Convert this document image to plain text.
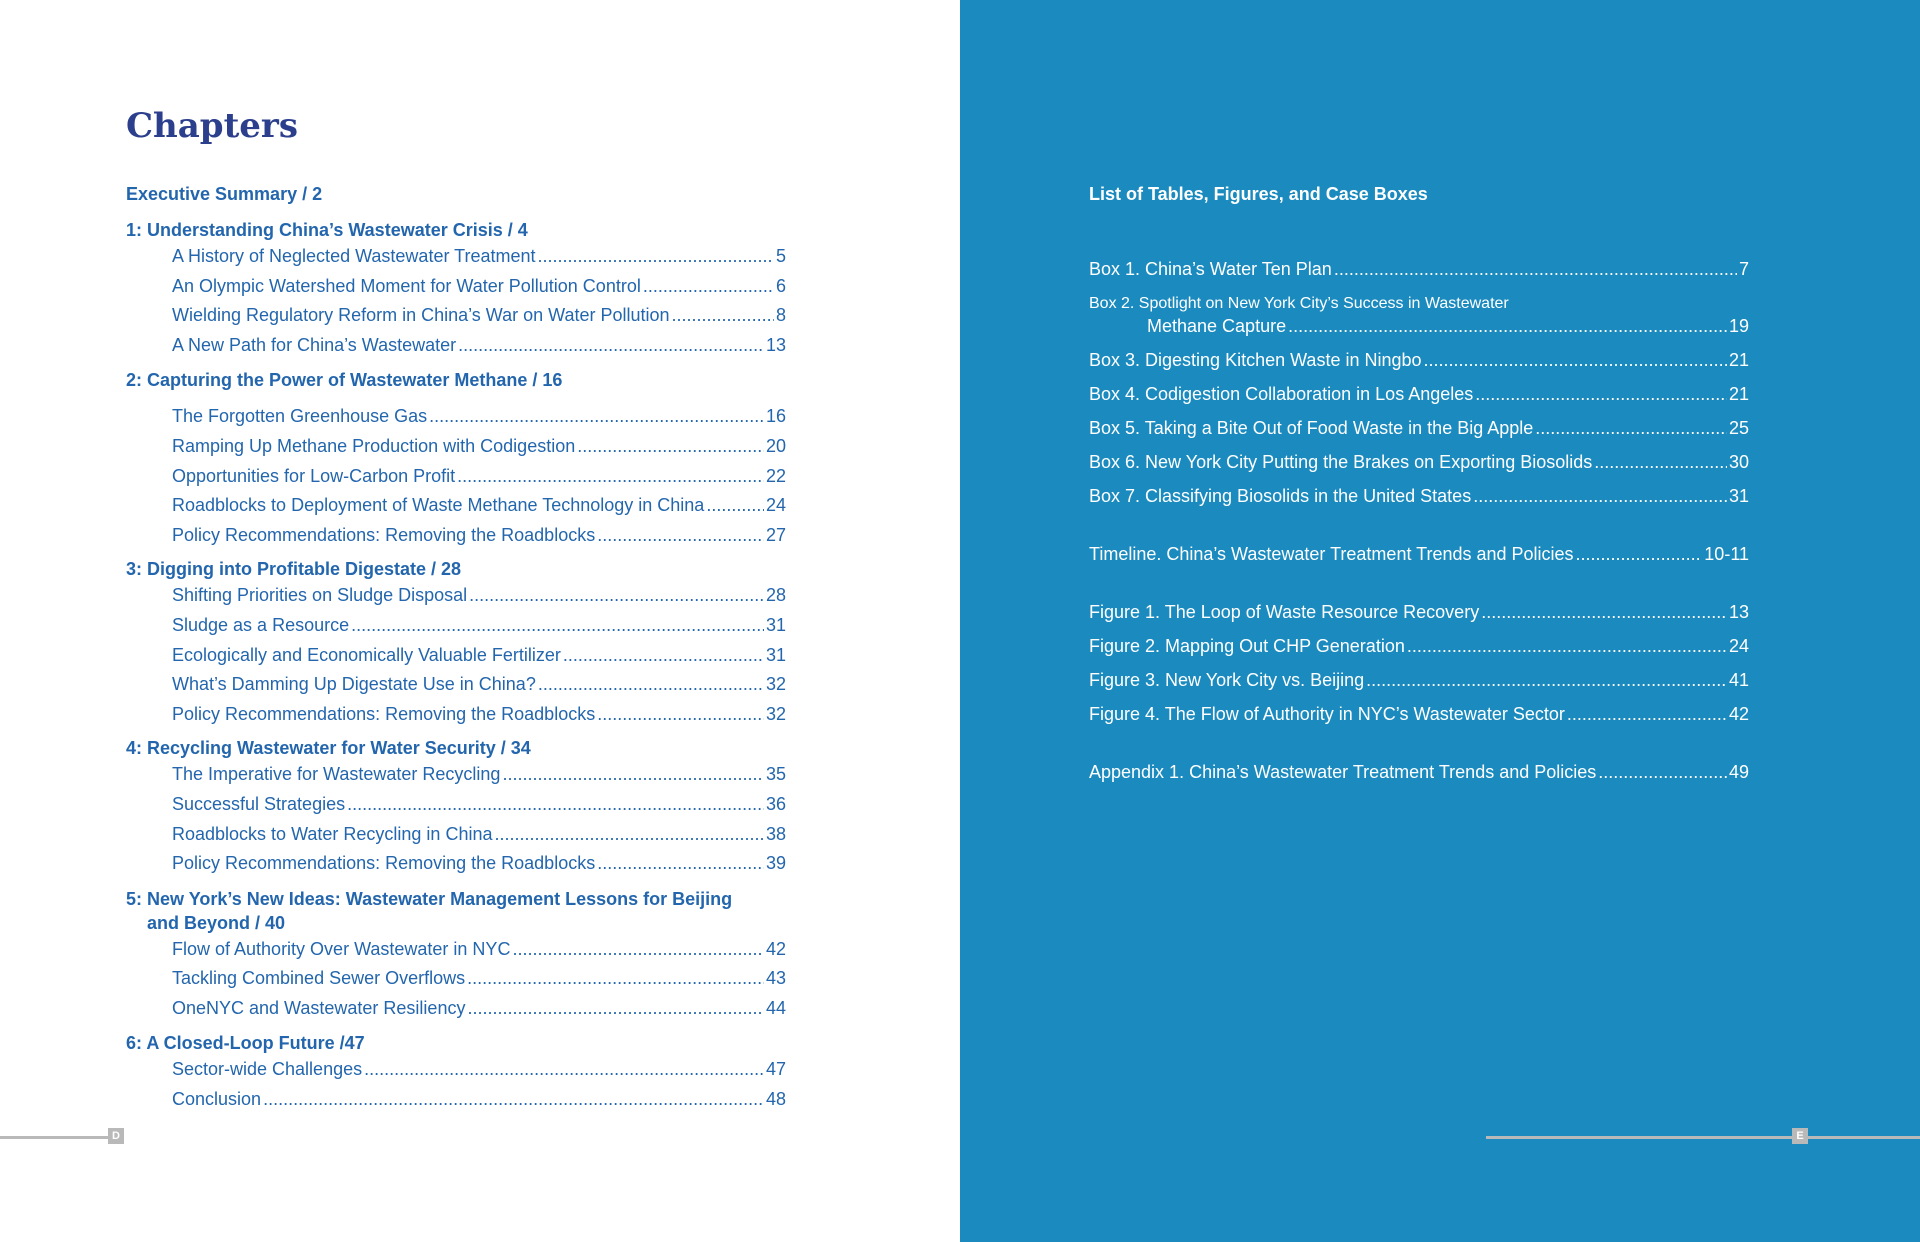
Chapters
Executive Summary / 2
1: Understanding China’s Wastewater Crisis / 4
A History of Neglected Wastewater Treatment .....	5
An Olympic Watershed Moment for Water Pollution Control .....	6
Wielding Regulatory Reform in China’s War on Water Pollution .....	8
A New Path for China’s Wastewater .....	13
2: Capturing the Power of Wastewater Methane / 16
The Forgotten Greenhouse Gas .....	16
Ramping Up Methane Production with Codigestion .....	20
Opportunities for Low-Carbon Profit .....	22
Roadblocks to Deployment of Waste Methane Technology in China .....	24
Policy Recommendations: Removing the Roadblocks .....	27
3: Digging into Profitable Digestate / 28
Shifting Priorities on Sludge Disposal .....	28
Sludge as a Resource .....	31
Ecologically and Economically Valuable Fertilizer .....	31
What’s Damming Up Digestate Use in China? .....	32
Policy Recommendations: Removing the Roadblocks .....	32
4: Recycling Wastewater for Water Security / 34
The Imperative for Wastewater Recycling .....	35
Successful Strategies .....	36
Roadblocks to Water Recycling in China .....	38
Policy Recommendations: Removing the Roadblocks .....	39
5: New York’s New Ideas: Wastewater Management Lessons for Beijing
and Beyond / 40
Flow of Authority Over Wastewater in NYC .....	42
Tackling Combined Sewer Overflows .....	43
OneNYC and Wastewater Resiliency .....	44
6: A Closed-Loop Future /47
Sector-wide Challenges .....	47
Conclusion .....	48
D	E
List of Tables, Figures, and Case Boxes
Box 1. China’s Water Ten Plan .....	7
Box 2. Spotlight on New York City’s Success in Wastewater
Methane Capture .....	19
Box 3. Digesting Kitchen Waste in Ningbo .....	21
Box 4. Codigestion Collaboration in Los Angeles .....	21
Box 5. Taking a Bite Out of Food Waste in the Big Apple .....	25
Box 6. New York City Putting the Brakes on Exporting Biosolids .....	30
Box 7. Classifying Biosolids in the United States .....	31
Timeline. China’s Wastewater Treatment Trends and Policies .....	10-11
Figure 1. The Loop of Waste Resource Recovery .....	13
Figure 2. Mapping Out CHP Generation .....	24
Figure 3. New York City vs. Beijing .....	41
Figure 4. The Flow of Authority in NYC’s Wastewater Sector .....	42
Appendix 1. China’s Wastewater Treatment Trends and Policies .....	49
